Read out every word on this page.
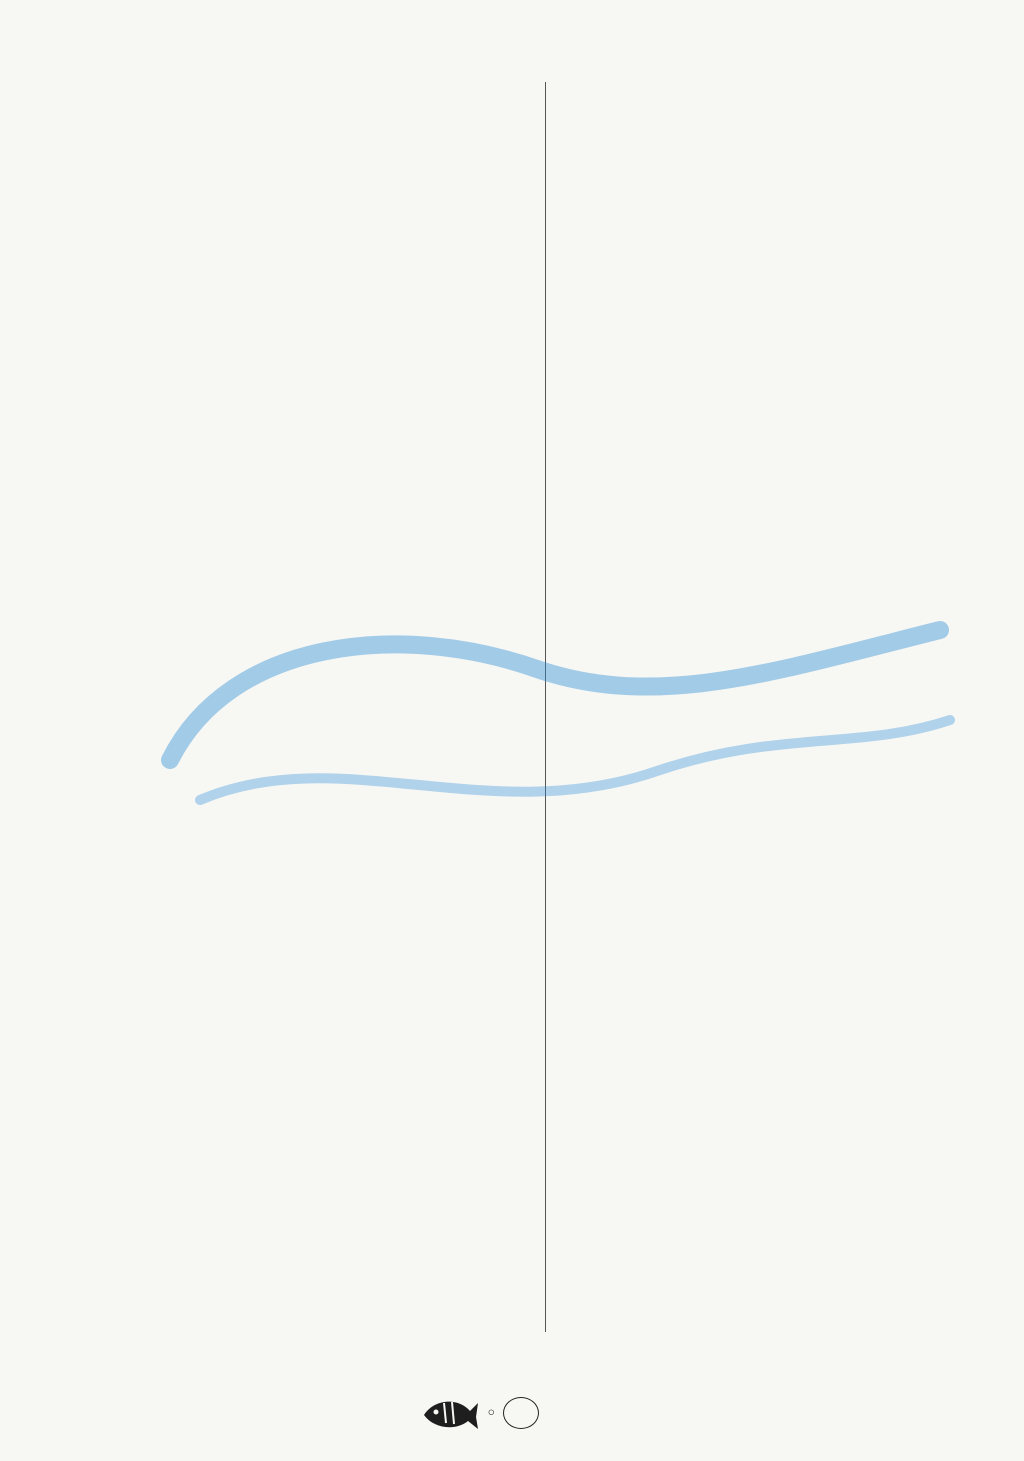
◦
